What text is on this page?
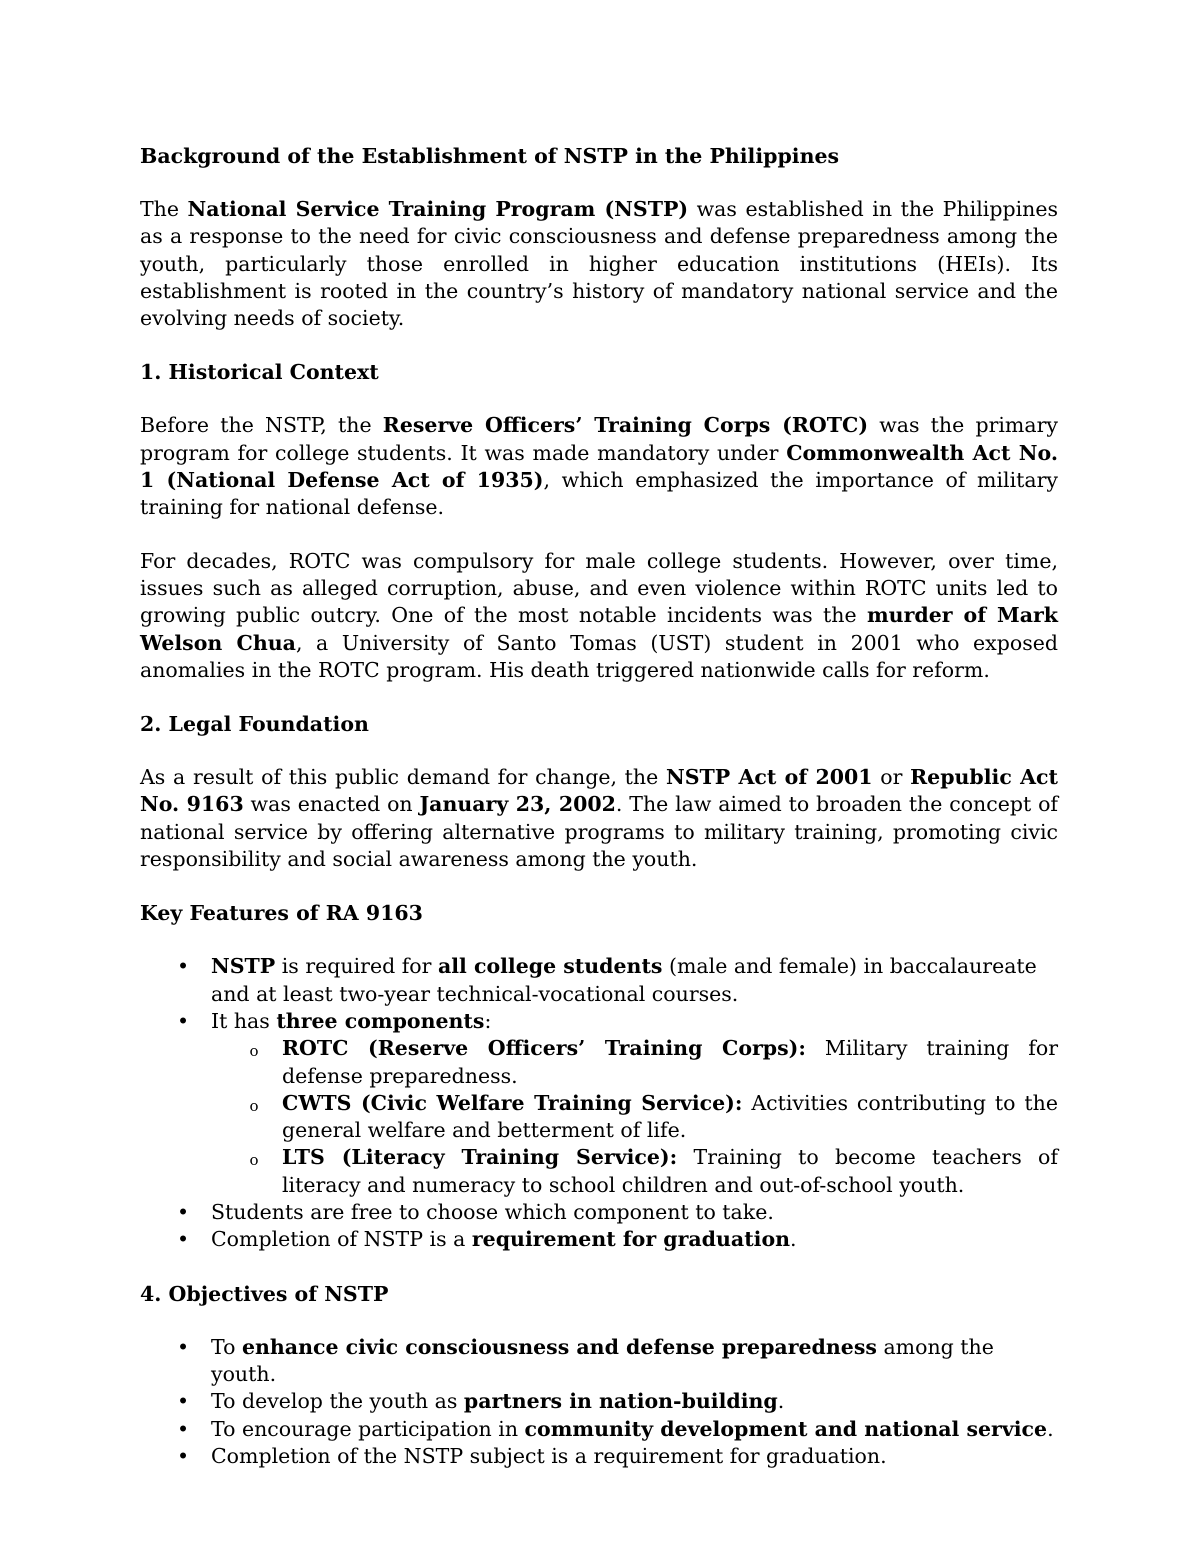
Background of the Establishment of NSTP in the Philippines

The National Service Training Program (NSTP) was established in the Philippines as a response to the need for civic consciousness and defense preparedness among the youth, particularly those enrolled in higher education institutions (HEIs). Its establishment is rooted in the country’s history of mandatory national service and the evolving needs of society.

1. Historical Context

Before the NSTP, the Reserve Officers’ Training Corps (ROTC) was the primary program for college students. It was made mandatory under Commonwealth Act No. 1 (National Defense Act of 1935), which emphasized the importance of military training for national defense.

For decades, ROTC was compulsory for male college students. However, over time, issues such as alleged corruption, abuse, and even violence within ROTC units led to growing public outcry. One of the most notable incidents was the murder of Mark Welson Chua, a University of Santo Tomas (UST) student in 2001 who exposed anomalies in the ROTC program. His death triggered nationwide calls for reform.

2. Legal Foundation

As a result of this public demand for change, the NSTP Act of 2001 or Republic Act No. 9163 was enacted on January 23, 2002. The law aimed to broaden the concept of national service by offering alternative programs to military training, promoting civic responsibility and social awareness among the youth.

Key Features of RA 9163

• NSTP is required for all college students (male and female) in baccalaureate and at least two-year technical-vocational courses.
• It has three components:
o ROTC (Reserve Officers’ Training Corps): Military training for defense preparedness.
o CWTS (Civic Welfare Training Service): Activities contributing to the general welfare and betterment of life.
o LTS (Literacy Training Service): Training to become teachers of literacy and numeracy to school children and out-of-school youth.
• Students are free to choose which component to take.
• Completion of NSTP is a requirement for graduation.

4. Objectives of NSTP

• To enhance civic consciousness and defense preparedness among the youth.
• To develop the youth as partners in nation-building.
• To encourage participation in community development and national service.
• Completion of the NSTP subject is a requirement for graduation.
